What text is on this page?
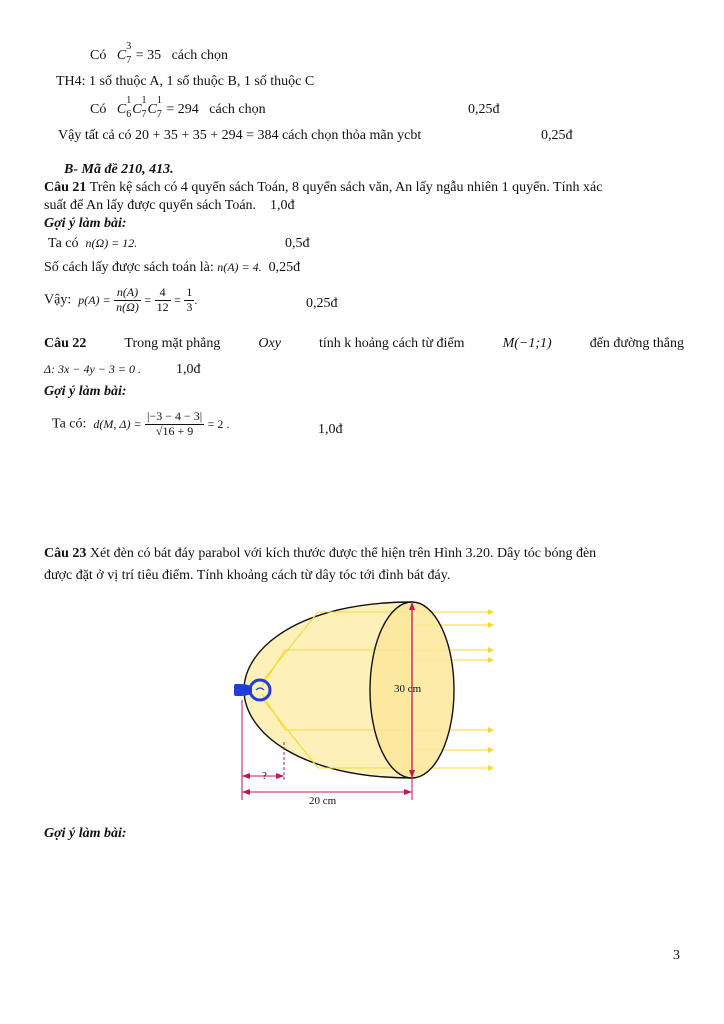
Có C
3
7 = 35 cách chọn
TH4: 1 số thuộc A, 1 số thuộc B, 1 số thuộc C
Có C
1
6 C
1
7 C
1
7 = 294 cách chọn	0,25đ
Vậy tất cả có 20 + 35 + 35 + 294 = 384 cách chọn thỏa mãn ycbt	0,25đ
B- Mã đề 210, 413.
Câu 21 Trên kệ sách có 4 quyển sách Toán, 8 quyển sách văn, An lấy ngẫu nhiên 1 quyển. Tính xác
suất để An lấy được quyển sách Toán. 1,0đ
Gợi ý làm bài:
Ta có n(Ω) = 12.	0,5đ
Số cách lấy được sách toán là: n(A) = 4. 0,25đ
Vậy: $p(A) = \frac{n(A)}{n(\Omega)} = \frac{4}{12} = \frac{1}{3}$ .	0,25đ
Câu 22	Trong mặt phẳng	Oxy	tính k hoảng cách từ điểm	M(−1;1)	đến đường thẳng
Δ: 3x − 4y − 3 = 0 .	1,0đ
Gợi ý làm bài:
Ta có: d(M, $\Delta) = \frac{|-3 - 4 - 3|}{√16 + 9} = 2$ .	1,0đ
Câu 23 Xét đèn có bát đáy parabol với kích thước được thể hiện trên Hình 3.20. Dây tóc bóng đèn
được đặt ở vị trí tiêu điểm. Tính khoảng cách từ dây tóc tới đỉnh bát đáy.
30 cm
?
20 cm
Gợi ý làm bài:
3
